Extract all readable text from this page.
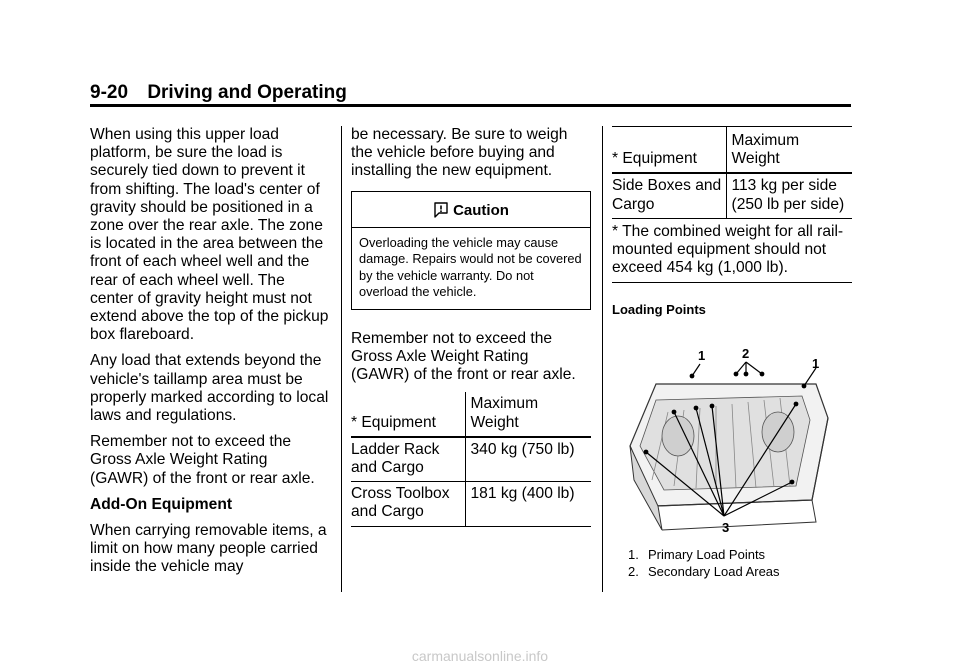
9-20 Driving and Operating

When using this upper load platform, be sure the load is securely tied down to prevent it from shifting. The load's center of gravity should be positioned in a zone over the rear axle. The zone is located in the area between the front of each wheel well and the rear of each wheel well. The center of gravity height must not extend above the top of the pickup box flareboard.

Any load that extends beyond the vehicle's taillamp area must be properly marked according to local laws and regulations.

Remember not to exceed the Gross Axle Weight Rating (GAWR) of the front or rear axle.

Add-On Equipment

When carrying removable items, a limit on how many people carried inside the vehicle may

be necessary. Be sure to weigh the vehicle before buying and installing the new equipment.

Caution
Overloading the vehicle may cause damage. Repairs would not be covered by the vehicle warranty. Do not overload the vehicle.

Remember not to exceed the Gross Axle Weight Rating (GAWR) of the front or rear axle.

* Equipment	Maximum Weight
Ladder Rack and Cargo	340 kg (750 lb)
Cross Toolbox and Cargo	181 kg (400 lb)
* Equipment	Maximum Weight
Side Boxes and Cargo	113 kg per side (250 lb per side)
* The combined weight for all rail-mounted equipment should not exceed 454 kg (1,000 lb).

Loading Points

1	2
1
3
1. Primary Load Points
2. Secondary Load Areas
carmanualsonline.info
